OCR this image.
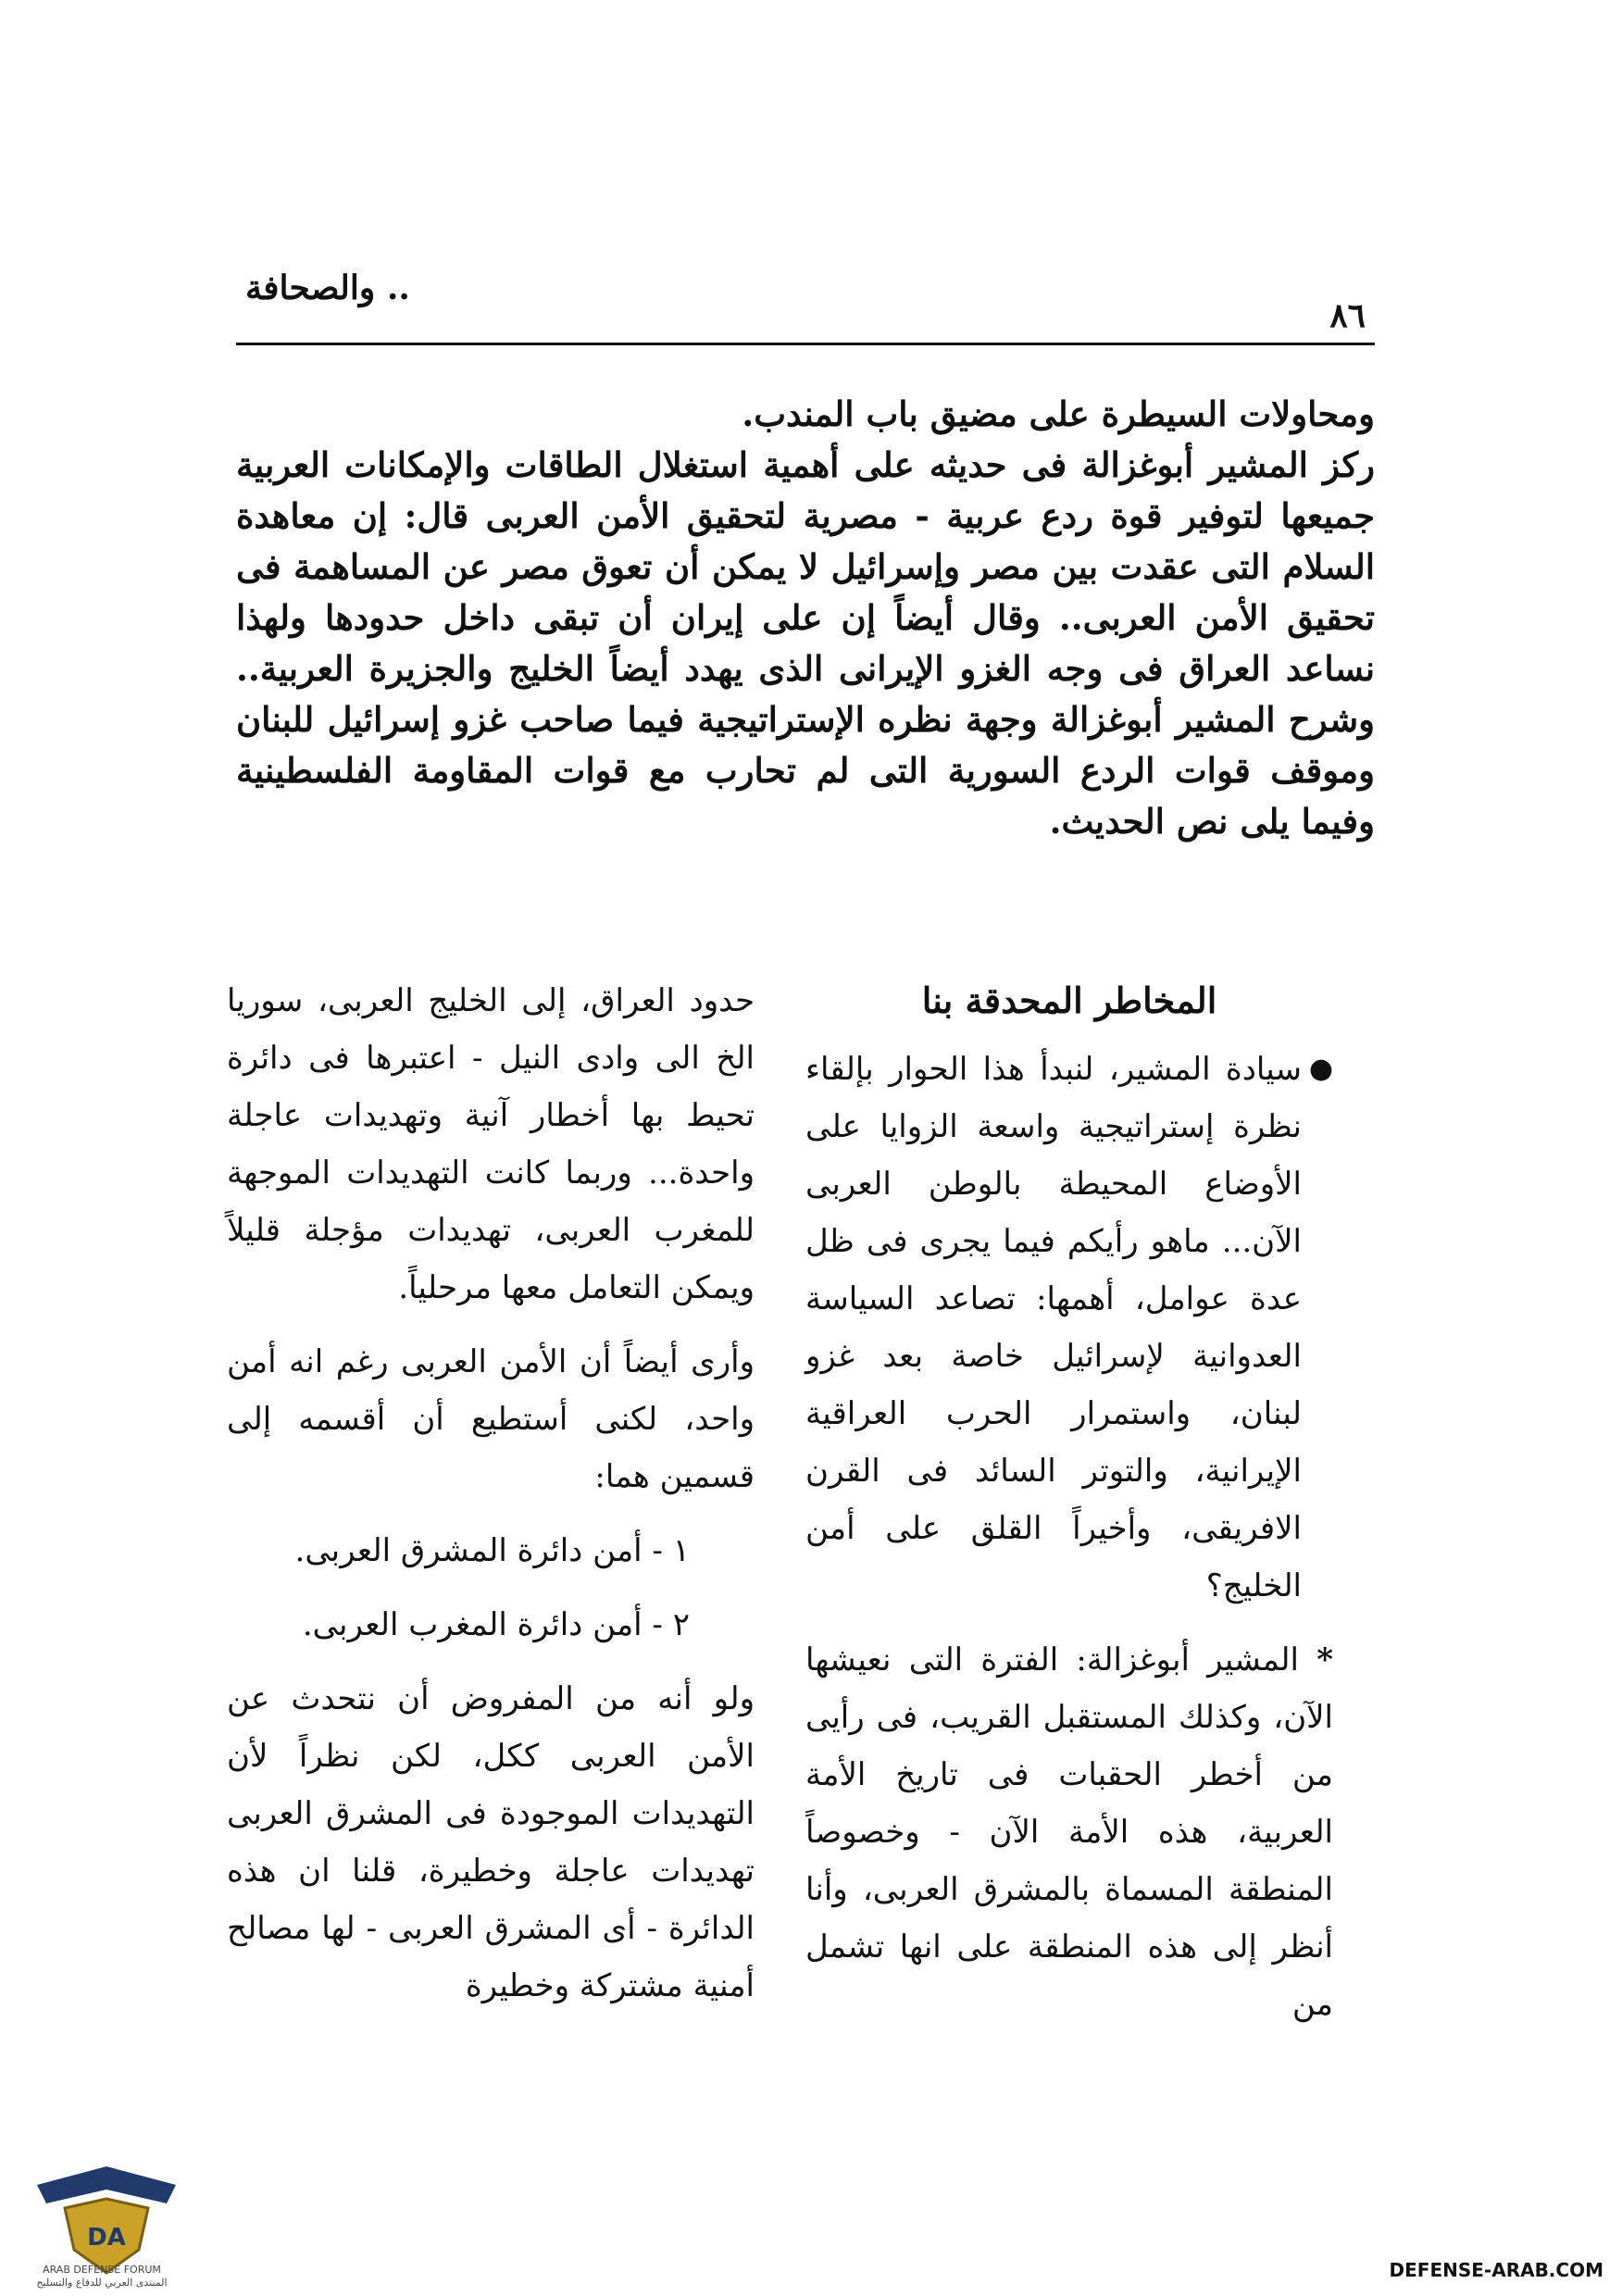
.. والصحافة
٨٦

ومحاولات السيطرة على مضيق باب المندب.

ركز المشير أبوغزالة فى حديثه على أهمية استغلال الطاقات والإمكانات العربية جميعها لتوفير قوة ردع عربية - مصرية لتحقيق الأمن العربى قال: إن معاهدة السلام التى عقدت بين مصر وإسرائيل لا يمكن أن تعوق مصر عن المساهمة فى تحقيق الأمن العربى.. وقال أيضاً إن على إيران أن تبقى داخل حدودها ولهذا نساعد العراق فى وجه الغزو الإيرانى الذى يهدد أيضاً الخليج والجزيرة العربية.. وشرح المشير أبوغزالة وجهة نظره الإستراتيجية فيما صاحب غزو إسرائيل للبنان وموقف قوات الردع السورية التى لم تحارب مع قوات المقاومة الفلسطينية وفيما يلى نص الحديث.

المخاطر المحدقة بنا

●
سيادة المشير، لنبدأ هذا الحوار بإلقاء نظرة إستراتيجية واسعة الزوايا على الأوضاع المحيطة بالوطن العربى الآن... ماهو رأيكم فيما يجرى فى ظل عدة عوامل، أهمها: تصاعد السياسة العدوانية لإسرائيل خاصة بعد غزو لبنان، واستمرار الحرب العراقية الإيرانية، والتوتر السائد فى القرن الافريقى، وأخيراً القلق على أمن الخليج؟

* المشير أبوغزالة: الفترة التى نعيشها الآن، وكذلك المستقبل القريب، فى رأيى من أخطر الحقبات فى تاريخ الأمة العربية، هذه الأمة الآن - وخصوصاً المنطقة المسماة بالمشرق العربى، وأنا أنظر إلى هذه المنطقة على انها تشمل من

حدود العراق، إلى الخليج العربى، سوريا الخ الى وادى النيل - اعتبرها فى دائرة تحيط بها أخطار آنية وتهديدات عاجلة واحدة... وربما كانت التهديدات الموجهة للمغرب العربى، تهديدات مؤجلة قليلاً ويمكن التعامل معها مرحلياً.

وأرى أيضاً أن الأمن العربى رغم انه أمن واحد، لكنى أستطيع أن أقسمه إلى قسمين هما:

١ - أمن دائرة المشرق العربى.

٢ - أمن دائرة المغرب العربى.

ولو أنه من المفروض أن نتحدث عن الأمن العربى ككل، لكن نظراً لأن التهديدات الموجودة فى المشرق العربى تهديدات عاجلة وخطيرة، قلنا ان هذه الدائرة - أى المشرق العربى - لها مصالح أمنية مشتركة وخطيرة

DA
ARAB DEFENSE FORUM
المنتدى العربي للدفاع والتسليح
DEFENSE-ARAB.COM
